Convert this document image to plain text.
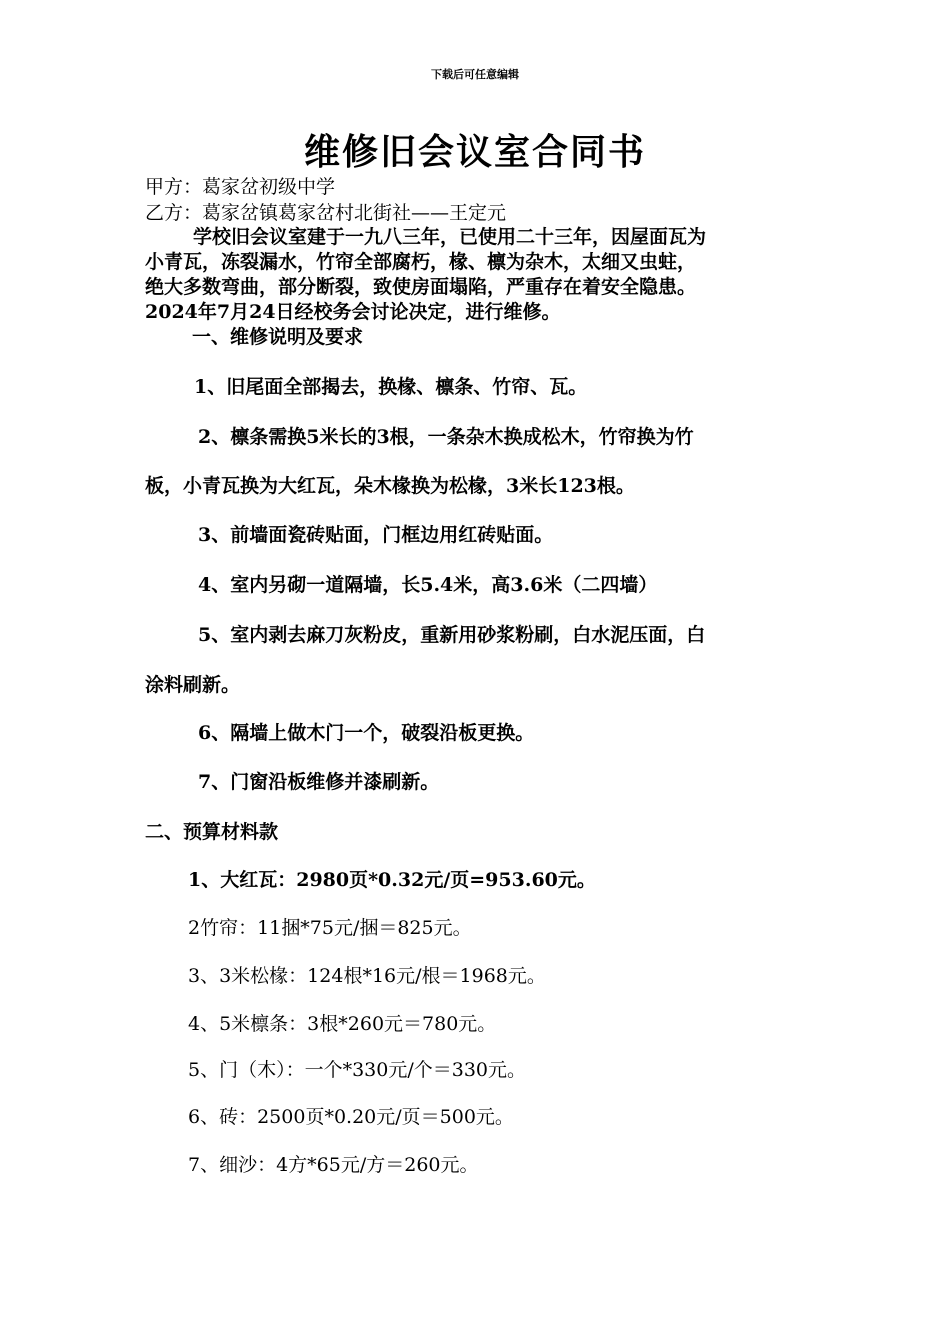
下载后可任意编辑
维修旧会议室合同书
甲方：葛家岔初级中学
乙方：葛家岔镇葛家岔村北街社——王定元
学校旧会议室建于一九八三年，已使用二十三年，因屋面瓦为
小青瓦，冻裂漏水，竹帘全部腐朽，椽、檩为杂木，太细又虫蛀，
绝大多数弯曲，部分断裂，致使房面塌陷，严重存在着安全隐患。
2024年7月24日经校务会讨论决定，进行维修。
一、维修说明及要求
1、旧尾面全部揭去，换椽、檩条、竹帘、瓦。
2、檩条需换5米长的3根，一条杂木换成松木，竹帘换为竹
板，小青瓦换为大红瓦，朵木椽换为松椽，3米长123根。
3、前墙面瓷砖贴面，门框边用红砖贴面。
4、室内另砌一道隔墙，长5.4米，高3.6米（二四墙）
5、室内剥去麻刀灰粉皮，重新用砂浆粉刷，白水泥压面，白
涂料刷新。
6、隔墙上做木门一个，破裂沿板更换。
7、门窗沿板维修并漆刷新。
二、预算材料款
1、大红瓦：2980页*0.32元/页=953.60元。
2竹帘：11捆*75元/捆＝825元。
3、3米松椽：124根*16元/根＝1968元。
4、5米檩条：3根*260元＝780元。
5、门（木）：一个*330元/个＝330元。
6、砖：2500页*0.20元/页＝500元。
7、细沙：4方*65元/方＝260元。
